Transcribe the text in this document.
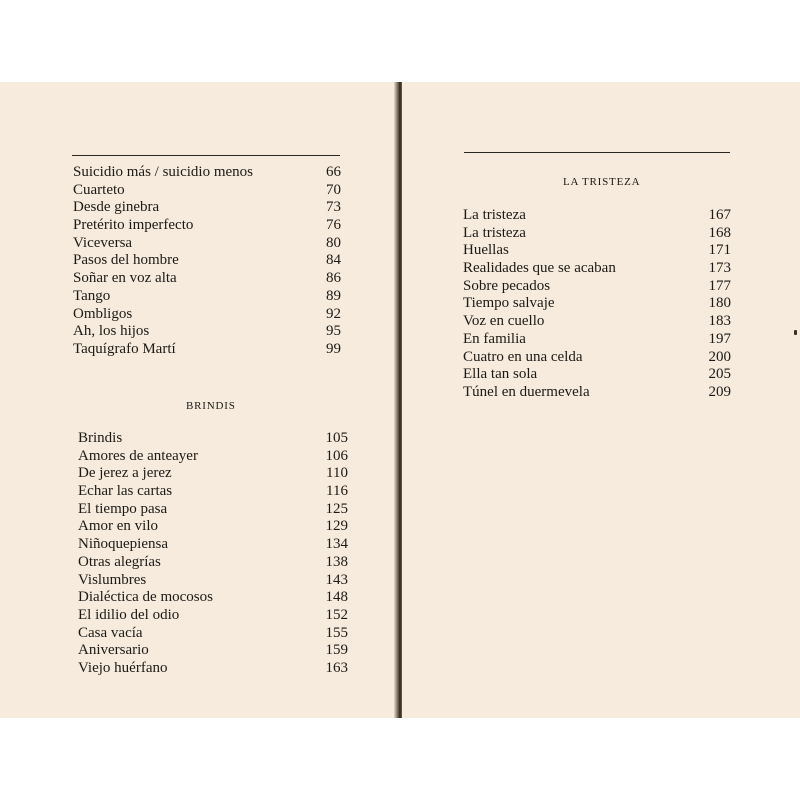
Suicidio más / suicidio menos	66
Cuarteto	70
Desde ginebra	73
Pretérito imperfecto	76
Viceversa	80
Pasos del hombre	84
Soñar en voz alta	86
Tango	89
Ombligos	92
Ah, los hijos	95
Taquígrafo Martí	99
BRINDIS
Brindis	105
Amores de anteayer	106
De jerez a jerez	110
Echar las cartas	116
El tiempo pasa	125
Amor en vilo	129
Niñoquepiensa	134
Otras alegrías	138
Vislumbres	143
Dialéctica de mocosos	148
El idilio del odio	152
Casa vacía	155
Aniversario	159
Viejo huérfano	163
LA TRISTEZA
La tristeza	167
La tristeza	168
Huellas	171
Realidades que se acaban	173
Sobre pecados	177
Tiempo salvaje	180
Voz en cuello	183
En familia	197
Cuatro en una celda	200
Ella tan sola	205
Túnel en duermevela	209
